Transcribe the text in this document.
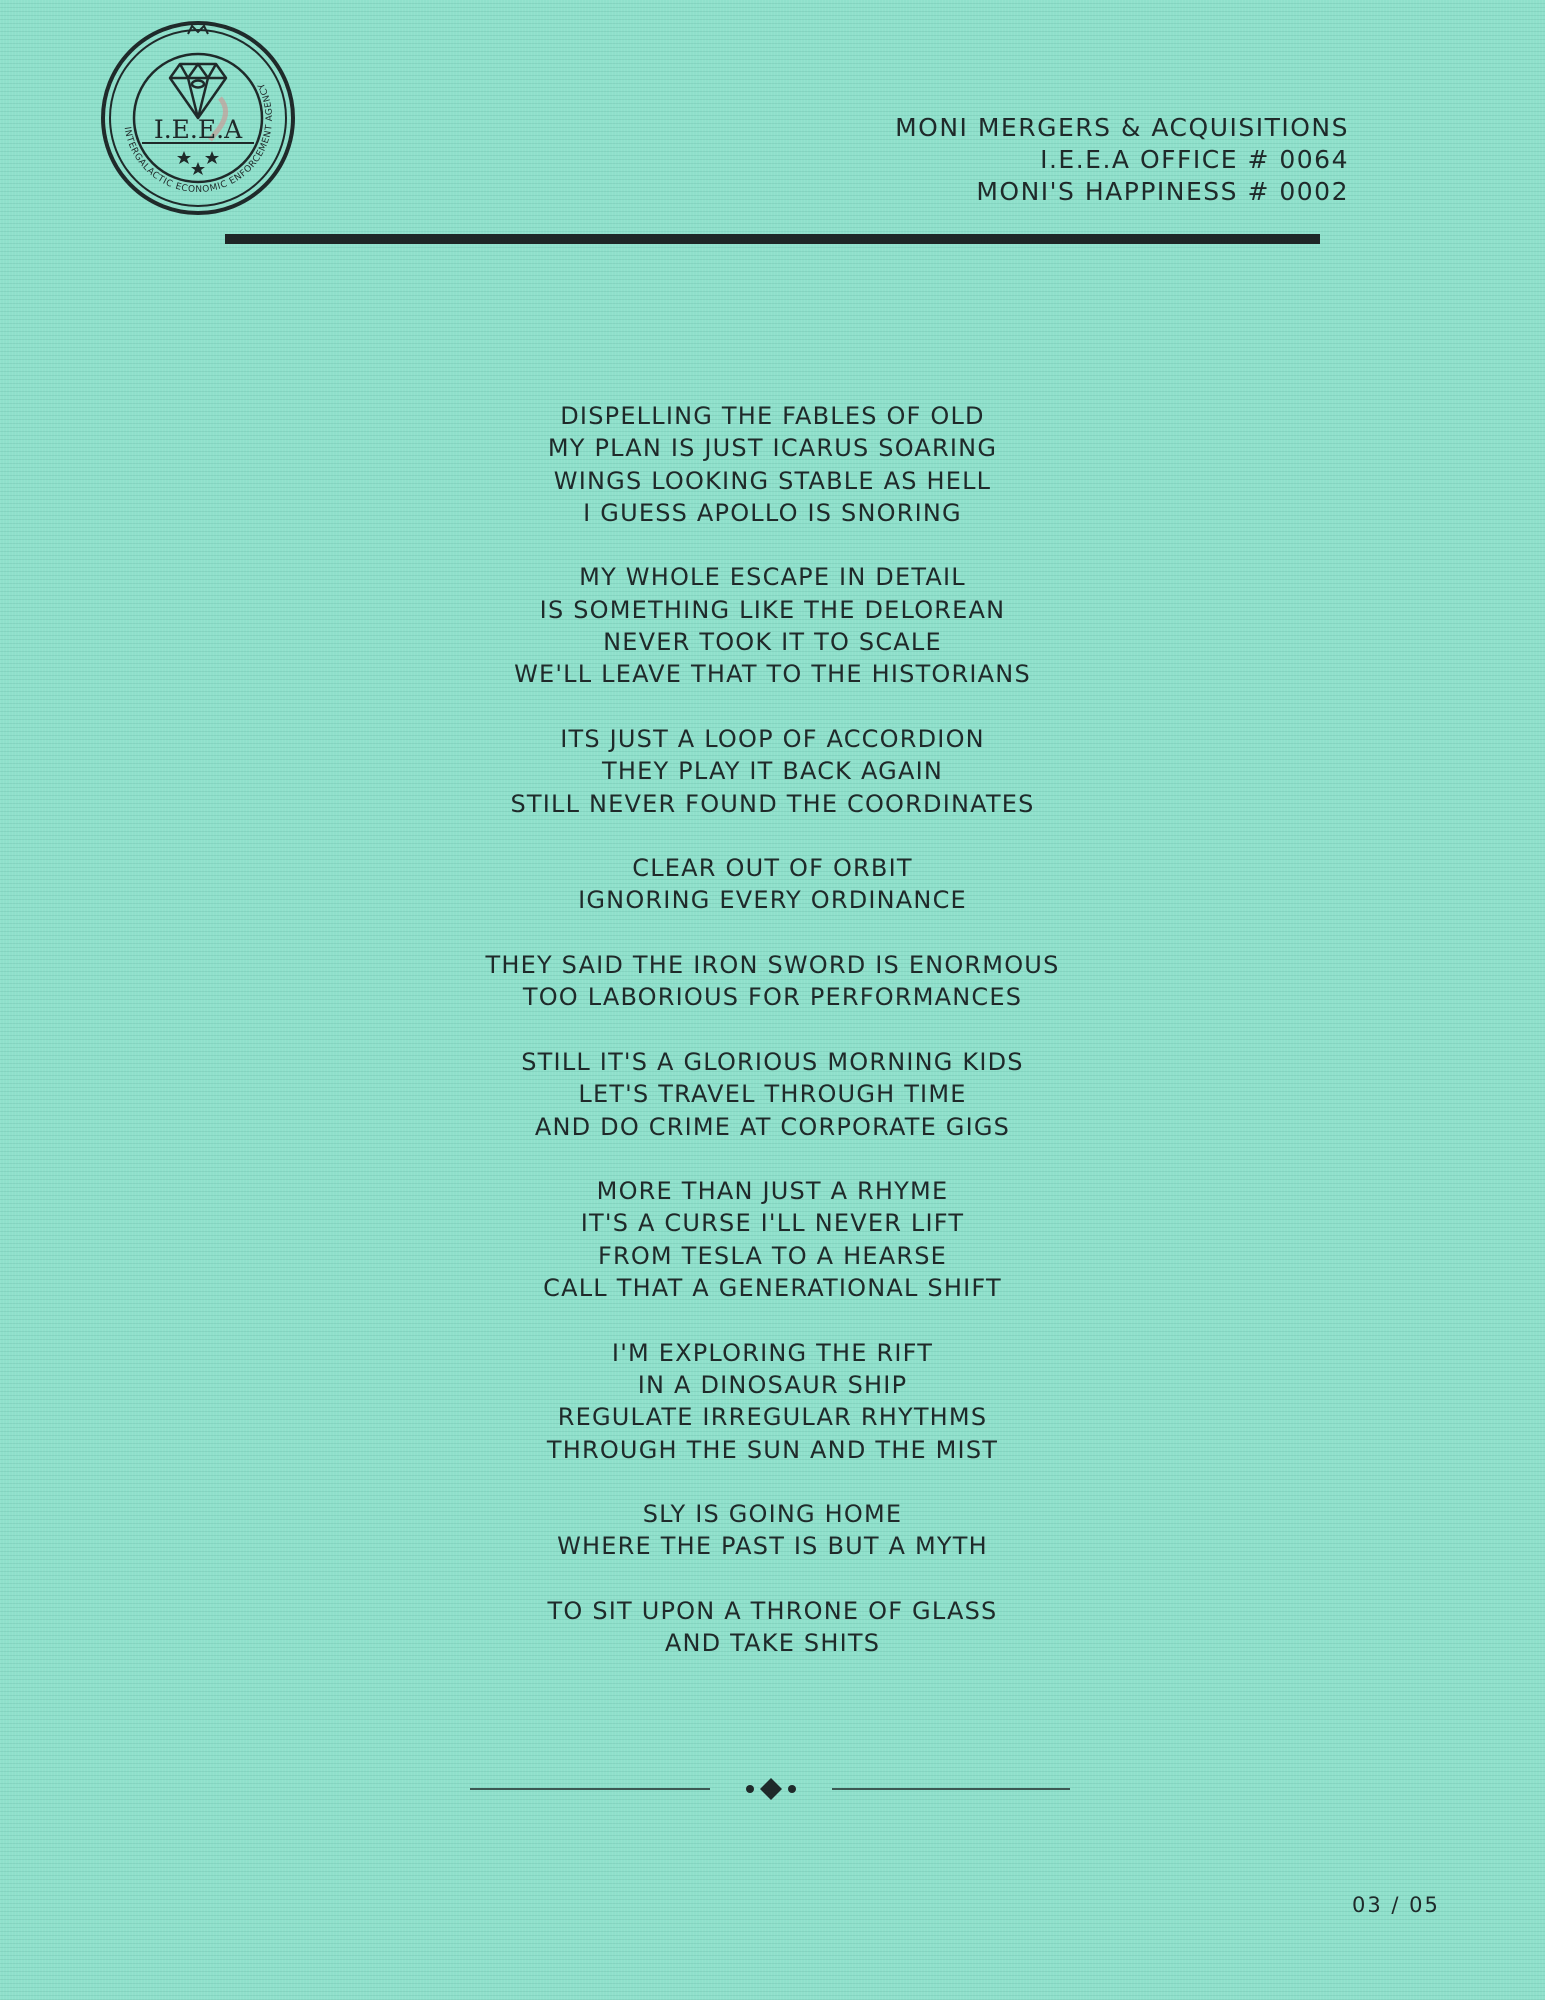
INTERGALACTIC ECONOMIC ENFORCEMENT AGENCY
I.E.E.A	MONI MERGERS & ACQUISITIONS
I.E.E.A OFFICE # 0064
MONI'S HAPPINESS # 0002
DISPELLING THE FABLES OF OLD
MY PLAN IS JUST ICARUS SOARING
WINGS LOOKING STABLE AS HELL
I GUESS APOLLO IS SNORING
MY WHOLE ESCAPE IN DETAIL
IS SOMETHING LIKE THE DELOREAN
NEVER TOOK IT TO SCALE
WE'LL LEAVE THAT TO THE HISTORIANS
ITS JUST A LOOP OF ACCORDION
THEY PLAY IT BACK AGAIN
STILL NEVER FOUND THE COORDINATES
CLEAR OUT OF ORBIT
IGNORING EVERY ORDINANCE
THEY SAID THE IRON SWORD IS ENORMOUS
TOO LABORIOUS FOR PERFORMANCES
STILL IT'S A GLORIOUS MORNING KIDS
LET'S TRAVEL THROUGH TIME
AND DO CRIME AT CORPORATE GIGS
MORE THAN JUST A RHYME
IT'S A CURSE I'LL NEVER LIFT
FROM TESLA TO A HEARSE
CALL THAT A GENERATIONAL SHIFT
I'M EXPLORING THE RIFT
IN A DINOSAUR SHIP
REGULATE IRREGULAR RHYTHMS
THROUGH THE SUN AND THE MIST
SLY IS GOING HOME
WHERE THE PAST IS BUT A MYTH
TO SIT UPON A THRONE OF GLASS
AND TAKE SHITS
03 / 05
